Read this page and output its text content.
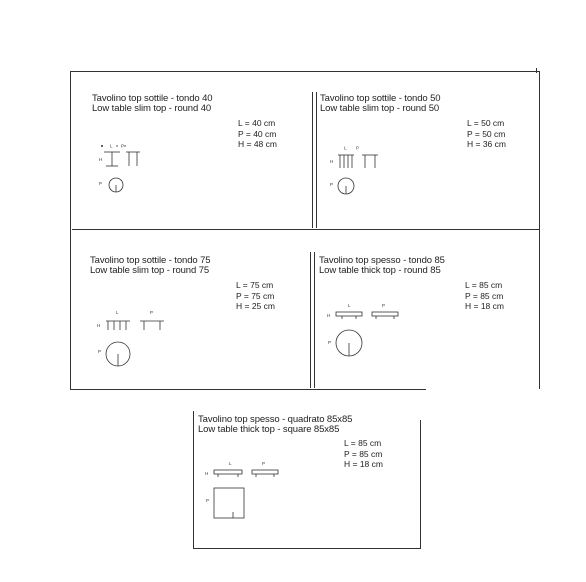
Tavolino top sottile - tondo 40
Low table slim top - round 40
L = 40 cm
P = 40 cm
H = 48 cm
L P
H
P
Tavolino top sottile - tondo 50
Low table slim top - round 50
L = 50 cm
P = 50 cm
H = 36 cm
L P
H
P
Tavolino top sottile - tondo 75
Low table slim top - round 75
L = 75 cm
P = 75 cm
H = 25 cm
L	P
H
P
Tavolino top spesso - tondo 85
Low table thick top - round 85
L = 85 cm
P = 85 cm
H = 18 cm
L	P
H
P
Tavolino top spesso - quadrato 85x85
Low table thick top - square 85x85
L = 85 cm
P = 85 cm
H = 18 cm
L	P
H
P
